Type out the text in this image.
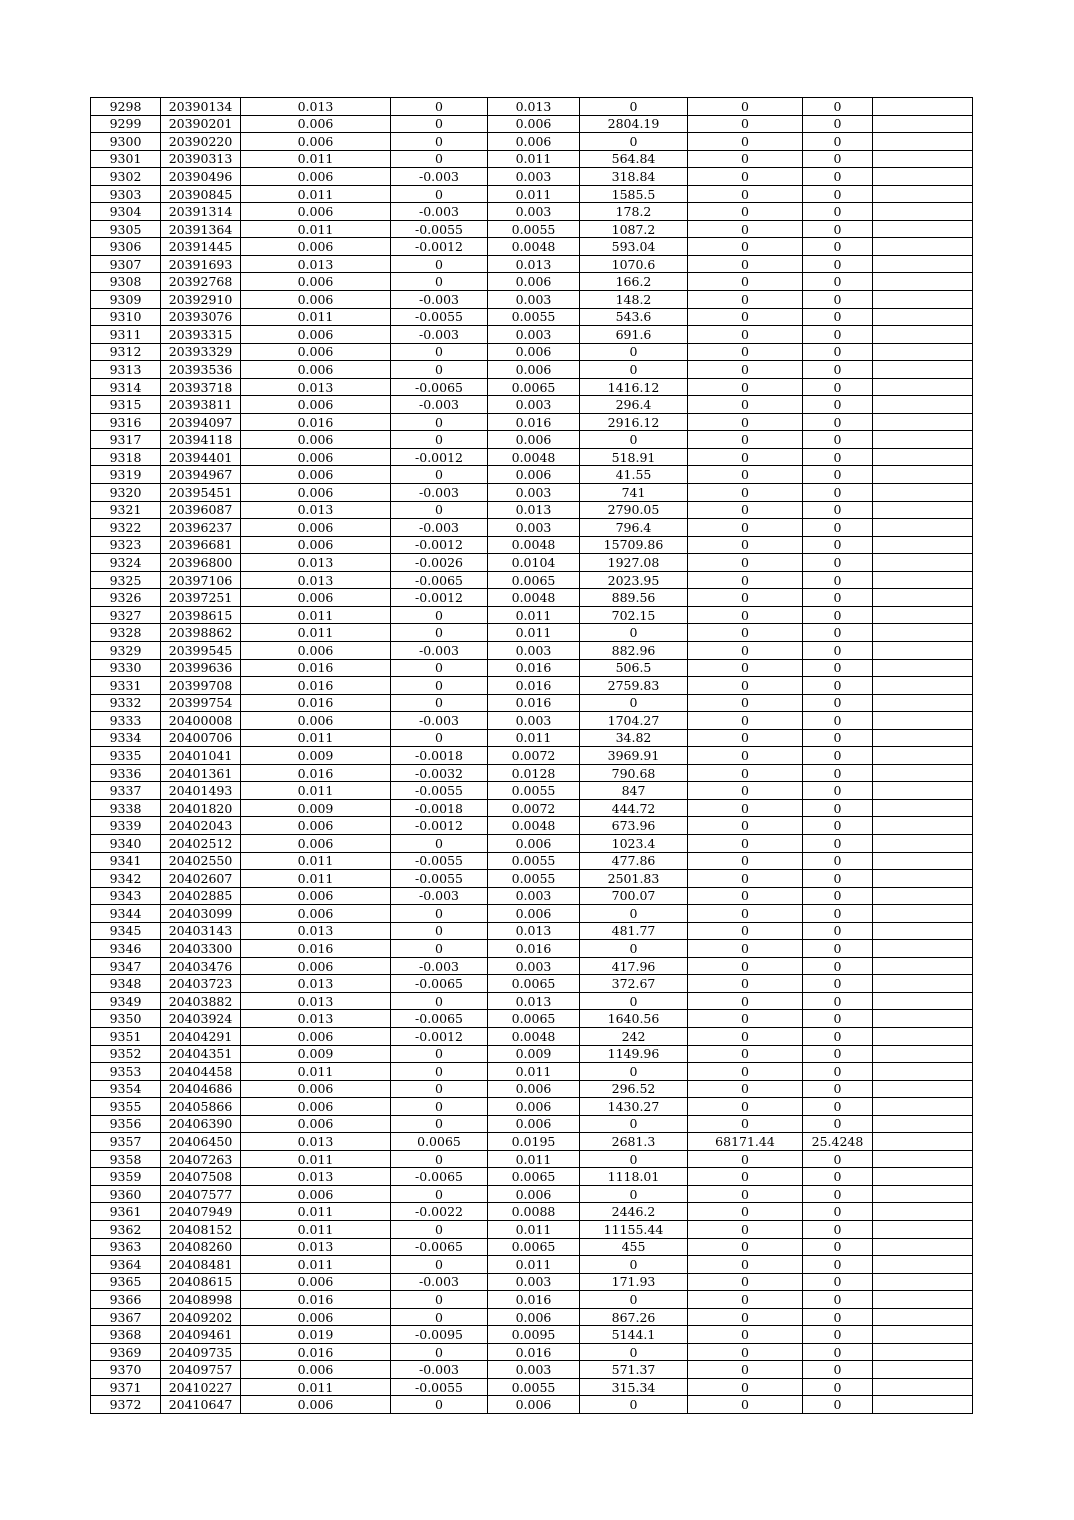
9298	20390134	0.013	0	0.013	0	0	0	
9299	20390201	0.006	0	0.006	2804.19	0	0	
9300	20390220	0.006	0	0.006	0	0	0	
9301	20390313	0.011	0	0.011	564.84	0	0	
9302	20390496	0.006	-0.003	0.003	318.84	0	0	
9303	20390845	0.011	0	0.011	1585.5	0	0	
9304	20391314	0.006	-0.003	0.003	178.2	0	0	
9305	20391364	0.011	-0.0055	0.0055	1087.2	0	0	
9306	20391445	0.006	-0.0012	0.0048	593.04	0	0	
9307	20391693	0.013	0	0.013	1070.6	0	0	
9308	20392768	0.006	0	0.006	166.2	0	0	
9309	20392910	0.006	-0.003	0.003	148.2	0	0	
9310	20393076	0.011	-0.0055	0.0055	543.6	0	0	
9311	20393315	0.006	-0.003	0.003	691.6	0	0	
9312	20393329	0.006	0	0.006	0	0	0	
9313	20393536	0.006	0	0.006	0	0	0	
9314	20393718	0.013	-0.0065	0.0065	1416.12	0	0	
9315	20393811	0.006	-0.003	0.003	296.4	0	0	
9316	20394097	0.016	0	0.016	2916.12	0	0	
9317	20394118	0.006	0	0.006	0	0	0	
9318	20394401	0.006	-0.0012	0.0048	518.91	0	0	
9319	20394967	0.006	0	0.006	41.55	0	0	
9320	20395451	0.006	-0.003	0.003	741	0	0	
9321	20396087	0.013	0	0.013	2790.05	0	0	
9322	20396237	0.006	-0.003	0.003	796.4	0	0	
9323	20396681	0.006	-0.0012	0.0048	15709.86	0	0	
9324	20396800	0.013	-0.0026	0.0104	1927.08	0	0	
9325	20397106	0.013	-0.0065	0.0065	2023.95	0	0	
9326	20397251	0.006	-0.0012	0.0048	889.56	0	0	
9327	20398615	0.011	0	0.011	702.15	0	0	
9328	20398862	0.011	0	0.011	0	0	0	
9329	20399545	0.006	-0.003	0.003	882.96	0	0	
9330	20399636	0.016	0	0.016	506.5	0	0	
9331	20399708	0.016	0	0.016	2759.83	0	0	
9332	20399754	0.016	0	0.016	0	0	0	
9333	20400008	0.006	-0.003	0.003	1704.27	0	0	
9334	20400706	0.011	0	0.011	34.82	0	0	
9335	20401041	0.009	-0.0018	0.0072	3969.91	0	0	
9336	20401361	0.016	-0.0032	0.0128	790.68	0	0	
9337	20401493	0.011	-0.0055	0.0055	847	0	0	
9338	20401820	0.009	-0.0018	0.0072	444.72	0	0	
9339	20402043	0.006	-0.0012	0.0048	673.96	0	0	
9340	20402512	0.006	0	0.006	1023.4	0	0	
9341	20402550	0.011	-0.0055	0.0055	477.86	0	0	
9342	20402607	0.011	-0.0055	0.0055	2501.83	0	0	
9343	20402885	0.006	-0.003	0.003	700.07	0	0	
9344	20403099	0.006	0	0.006	0	0	0	
9345	20403143	0.013	0	0.013	481.77	0	0	
9346	20403300	0.016	0	0.016	0	0	0	
9347	20403476	0.006	-0.003	0.003	417.96	0	0	
9348	20403723	0.013	-0.0065	0.0065	372.67	0	0	
9349	20403882	0.013	0	0.013	0	0	0	
9350	20403924	0.013	-0.0065	0.0065	1640.56	0	0	
9351	20404291	0.006	-0.0012	0.0048	242	0	0	
9352	20404351	0.009	0	0.009	1149.96	0	0	
9353	20404458	0.011	0	0.011	0	0	0	
9354	20404686	0.006	0	0.006	296.52	0	0	
9355	20405866	0.006	0	0.006	1430.27	0	0	
9356	20406390	0.006	0	0.006	0	0	0	
9357	20406450	0.013	0.0065	0.0195	2681.3	68171.44	25.4248	
9358	20407263	0.011	0	0.011	0	0	0	
9359	20407508	0.013	-0.0065	0.0065	1118.01	0	0	
9360	20407577	0.006	0	0.006	0	0	0	
9361	20407949	0.011	-0.0022	0.0088	2446.2	0	0	
9362	20408152	0.011	0	0.011	11155.44	0	0	
9363	20408260	0.013	-0.0065	0.0065	455	0	0	
9364	20408481	0.011	0	0.011	0	0	0	
9365	20408615	0.006	-0.003	0.003	171.93	0	0	
9366	20408998	0.016	0	0.016	0	0	0	
9367	20409202	0.006	0	0.006	867.26	0	0	
9368	20409461	0.019	-0.0095	0.0095	5144.1	0	0	
9369	20409735	0.016	0	0.016	0	0	0	
9370	20409757	0.006	-0.003	0.003	571.37	0	0	
9371	20410227	0.011	-0.0055	0.0055	315.34	0	0	
9372	20410647	0.006	0	0.006	0	0	0	
